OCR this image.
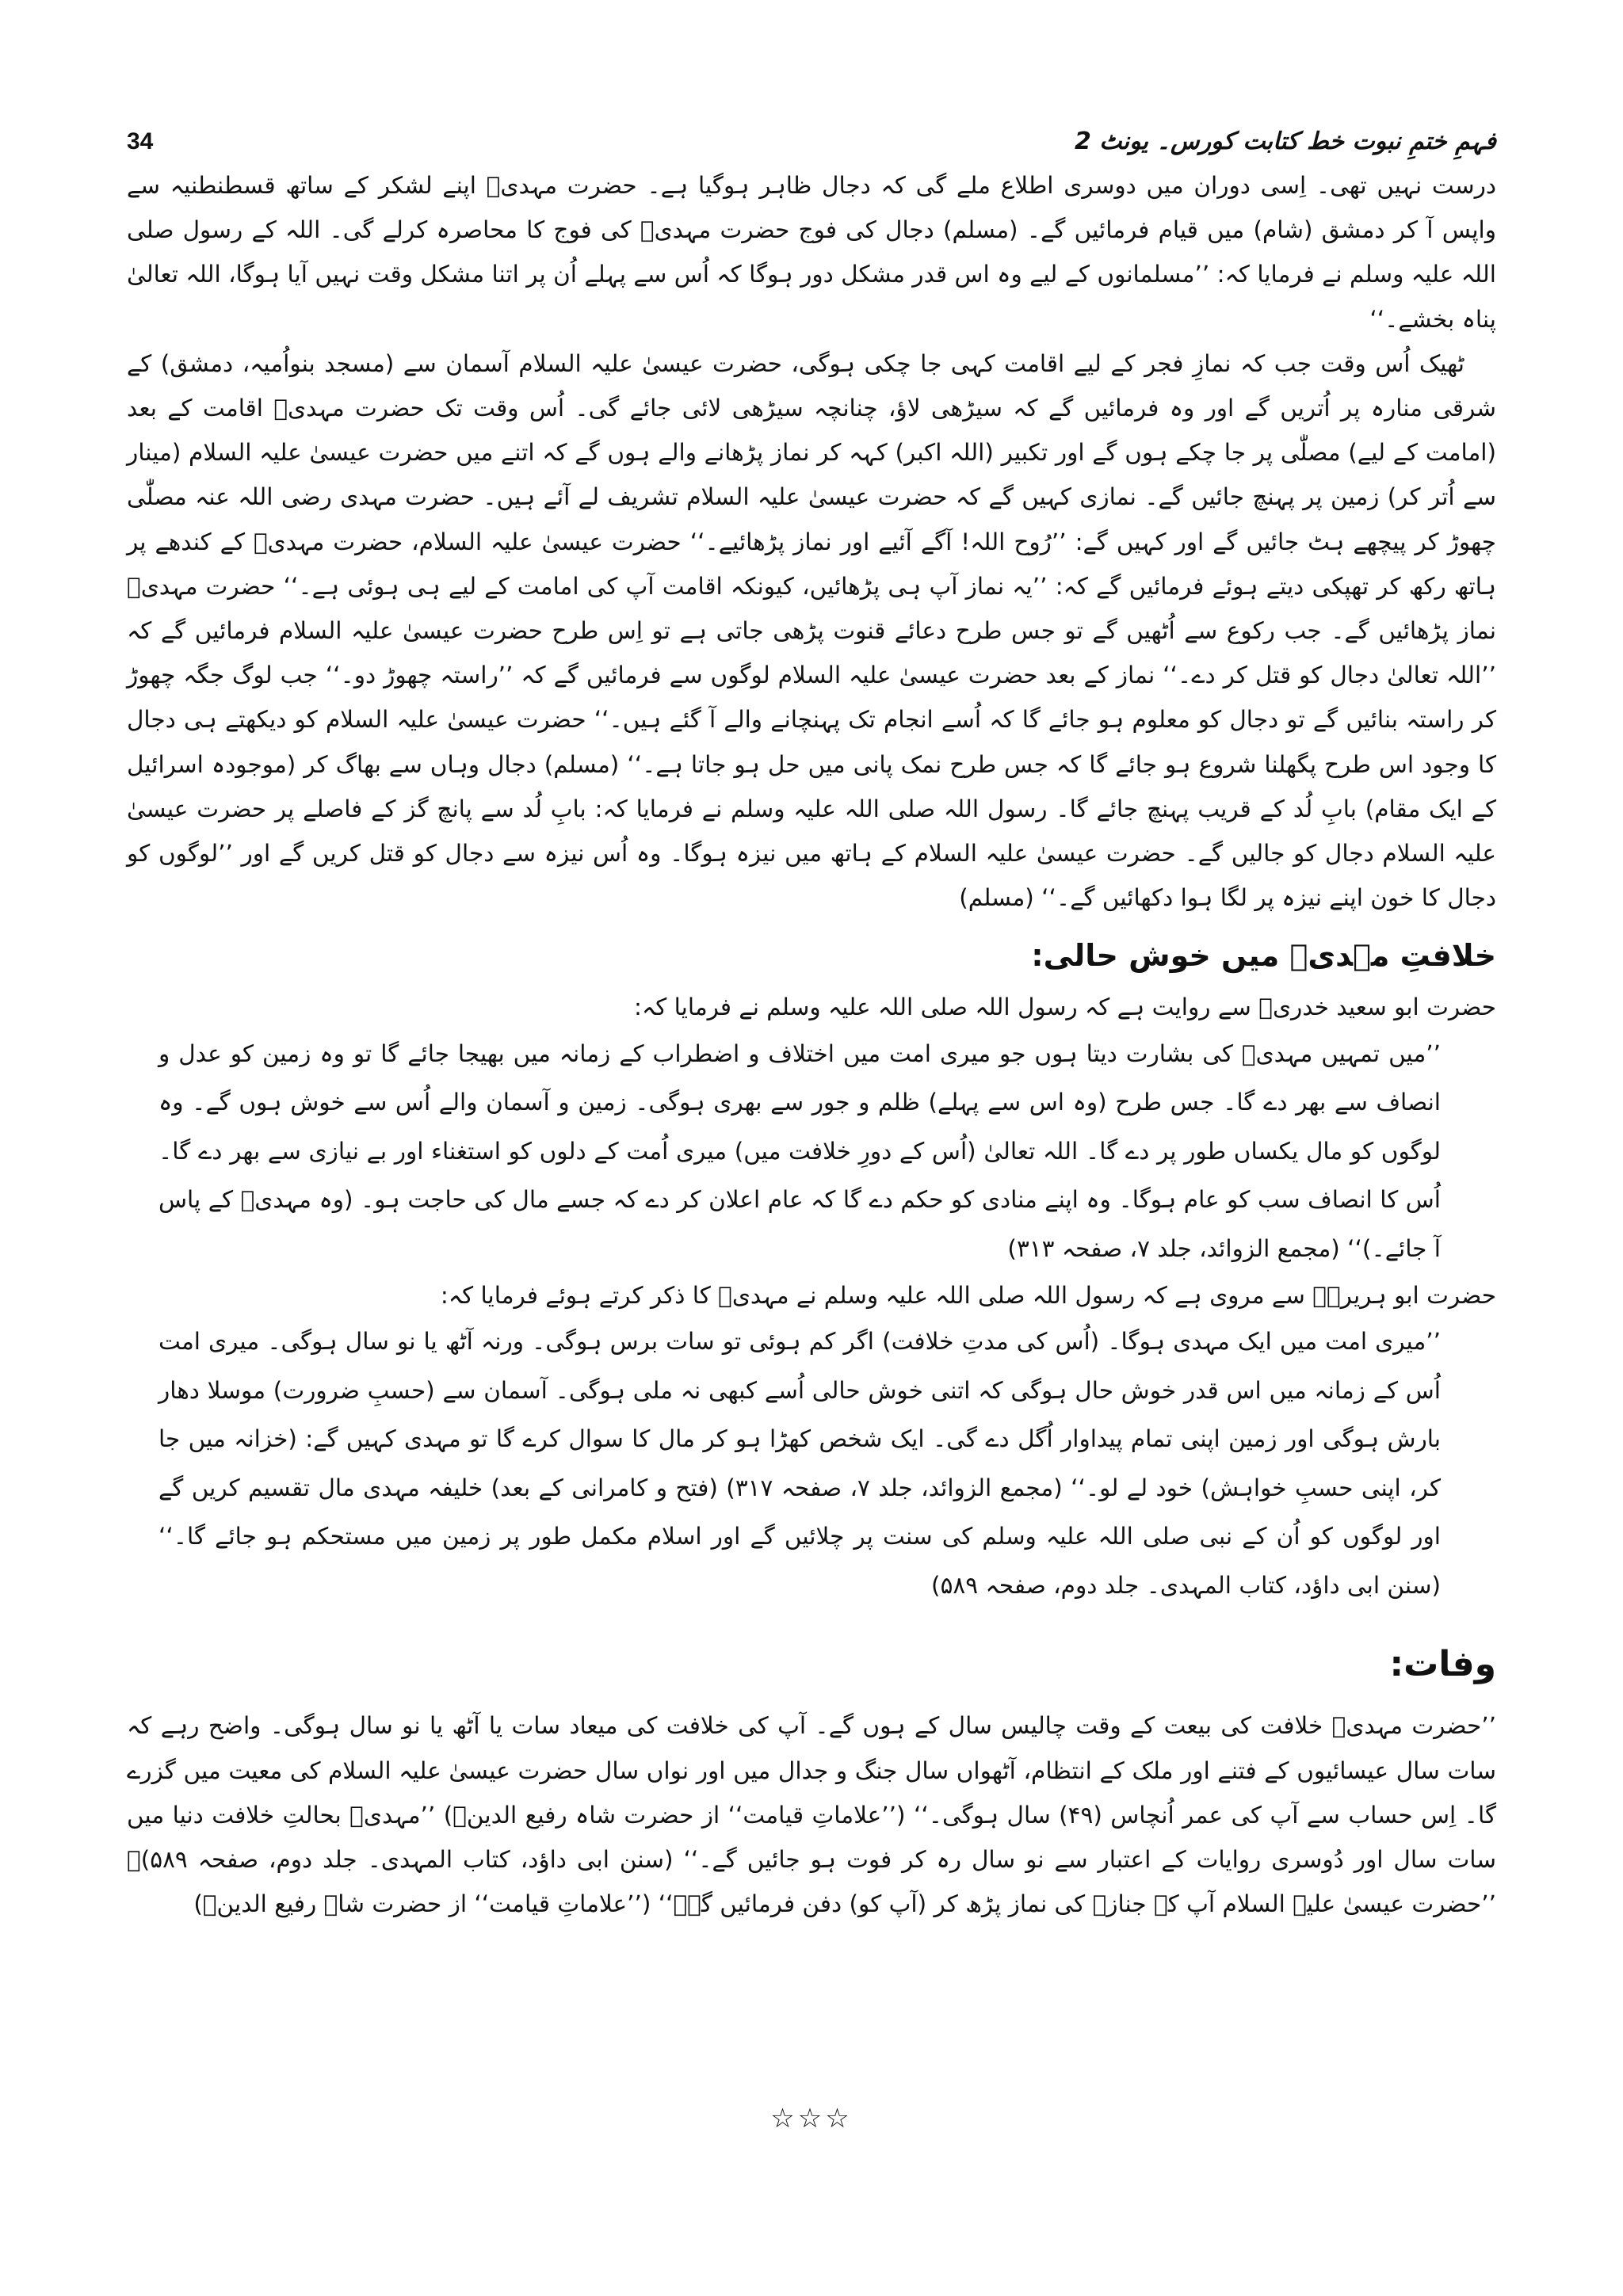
فہمِ ختمِ نبوت خط کتابت کورس۔ یونٹ 2
34

درست نہیں تھی۔ اِسی دوران میں دوسری اطلاع ملے گی کہ دجال ظاہر ہوگیا ہے۔ حضرت مہدیؓ اپنے لشکر کے ساتھ قسطنطنیہ سے واپس آ کر دمشق (شام) میں قیام فرمائیں گے۔ (مسلم) دجال کی فوج حضرت مہدیؓ کی فوج کا محاصرہ کرلے گی۔ اللہ کے رسول صلی اللہ علیہ وسلم نے فرمایا کہ: ’’مسلمانوں کے لیے وہ اس قدر مشکل دور ہوگا کہ اُس سے پہلے اُن پر اتنا مشکل وقت نہیں آیا ہوگا، اللہ تعالیٰ پناہ بخشے۔‘‘

ٹھیک اُس وقت جب کہ نمازِ فجر کے لیے اقامت کہی جا چکی ہوگی، حضرت عیسیٰ علیہ السلام آسمان سے (مسجد بنواُمیہ، دمشق) کے شرقی منارہ پر اُتریں گے اور وہ فرمائیں گے کہ سیڑھی لاؤ، چنانچہ سیڑھی لائی جائے گی۔ اُس وقت تک حضرت مہدیؓ اقامت کے بعد (امامت کے لیے) مصلّٰی پر جا چکے ہوں گے اور تکبیر (اللہ اکبر) کہہ کر نماز پڑھانے والے ہوں گے کہ اتنے میں حضرت عیسیٰ علیہ السلام (مینار سے اُتر کر) زمین پر پہنچ جائیں گے۔ نمازی کہیں گے کہ حضرت عیسیٰ علیہ السلام تشریف لے آئے ہیں۔ حضرت مہدی رضی اللہ عنہ مصلّٰی چھوڑ کر پیچھے ہٹ جائیں گے اور کہیں گے: ’’رُوح اللہ! آگے آئیے اور نماز پڑھائیے۔‘‘ حضرت عیسیٰ علیہ السلام، حضرت مہدیؓ کے کندھے پر ہاتھ رکھ کر تھپکی دیتے ہوئے فرمائیں گے کہ: ’’یہ نماز آپ ہی پڑھائیں، کیونکہ اقامت آپ کی امامت کے لیے ہی ہوئی ہے۔‘‘ حضرت مہدیؓ نماز پڑھائیں گے۔ جب رکوع سے اُٹھیں گے تو جس طرح دعائے قنوت پڑھی جاتی ہے تو اِس طرح حضرت عیسیٰ علیہ السلام فرمائیں گے کہ ’’اللہ تعالیٰ دجال کو قتل کر دے۔‘‘ نماز کے بعد حضرت عیسیٰ علیہ السلام لوگوں سے فرمائیں گے کہ ’’راستہ چھوڑ دو۔‘‘ جب لوگ جگہ چھوڑ کر راستہ بنائیں گے تو دجال کو معلوم ہو جائے گا کہ اُسے انجام تک پہنچانے والے آ گئے ہیں۔‘‘ حضرت عیسیٰ علیہ السلام کو دیکھتے ہی دجال کا وجود اس طرح پگھلنا شروع ہو جائے گا کہ جس طرح نمک پانی میں حل ہو جاتا ہے۔‘‘ (مسلم) دجال وہاں سے بھاگ کر (موجودہ اسرائیل کے ایک مقام) بابِ لُد کے قریب پہنچ جائے گا۔ رسول اللہ صلی اللہ علیہ وسلم نے فرمایا کہ: بابِ لُد سے پانچ گز کے فاصلے پر حضرت عیسیٰ علیہ السلام دجال کو جالیں گے۔ حضرت عیسیٰ علیہ السلام کے ہاتھ میں نیزہ ہوگا۔ وہ اُس نیزہ سے دجال کو قتل کریں گے اور ’’لوگوں کو دجال کا خون اپنے نیزہ پر لگا ہوا دکھائیں گے۔‘‘ (مسلم)

خلافتِ مہدیؓ میں خوش حالی:

حضرت ابو سعید خدریؓ سے روایت ہے کہ رسول اللہ صلی اللہ علیہ وسلم نے فرمایا کہ:

’’میں تمہیں مہدیؓ کی بشارت دیتا ہوں جو میری امت میں اختلاف و اضطراب کے زمانہ میں بھیجا جائے گا تو وہ زمین کو عدل و انصاف سے بھر دے گا۔ جس طرح (وہ اس سے پہلے) ظلم و جور سے بھری ہوگی۔ زمین و آسمان والے اُس سے خوش ہوں گے۔ وہ لوگوں کو مال یکساں طور پر دے گا۔ اللہ تعالیٰ (اُس کے دورِ خلافت میں) میری اُمت کے دلوں کو استغناء اور بے نیازی سے بھر دے گا۔ اُس کا انصاف سب کو عام ہوگا۔ وہ اپنے منادی کو حکم دے گا کہ عام اعلان کر دے کہ جسے مال کی حاجت ہو۔ (وہ مہدیؓ کے پاس آ جائے۔)‘‘ (مجمع الزوائد، جلد ۷، صفحہ ۳۱۳)

حضرت ابو ہریرہؓ سے مروی ہے کہ رسول اللہ صلی اللہ علیہ وسلم نے مہدیؓ کا ذکر کرتے ہوئے فرمایا کہ:

’’میری امت میں ایک مہدی ہوگا۔ (اُس کی مدتِ خلافت) اگر کم ہوئی تو سات برس ہوگی۔ ورنہ آٹھ یا نو سال ہوگی۔ میری امت اُس کے زمانہ میں اس قدر خوش حال ہوگی کہ اتنی خوش حالی اُسے کبھی نہ ملی ہوگی۔ آسمان سے (حسبِ ضرورت) موسلا دھار بارش ہوگی اور زمین اپنی تمام پیداوار اُگل دے گی۔ ایک شخص کھڑا ہو کر مال کا سوال کرے گا تو مہدی کہیں گے: (خزانہ میں جا کر، اپنی حسبِ خواہش) خود لے لو۔‘‘ (مجمع الزوائد، جلد ۷، صفحہ ۳۱۷) (فتح و کامرانی کے بعد) خلیفہ مہدی مال تقسیم کریں گے اور لوگوں کو اُن کے نبی صلی اللہ علیہ وسلم کی سنت پر چلائیں گے اور اسلام مکمل طور پر زمین میں مستحکم ہو جائے گا۔‘‘ (سنن ابی داؤد، کتاب المہدی۔ جلد دوم، صفحہ ۵۸۹)

وفات:

’’حضرت مہدیؓ خلافت کی بیعت کے وقت چالیس سال کے ہوں گے۔ آپ کی خلافت کی میعاد سات یا آٹھ یا نو سال ہوگی۔ واضح رہے کہ سات سال عیسائیوں کے فتنے اور ملک کے انتظام، آٹھواں سال جنگ و جدال میں اور نواں سال حضرت عیسیٰ علیہ السلام کی معیت میں گزرے گا۔ اِس حساب سے آپ کی عمر اُنچاس (۴۹) سال ہوگی۔‘‘ (’’علاماتِ قیامت‘‘ از حضرت شاہ رفیع الدینؒ) ’’مہدیؓ بحالتِ خلافت دنیا میں سات سال اور دُوسری روایات کے اعتبار سے نو سال رہ کر فوت ہو جائیں گے۔‘‘ (سنن ابی داؤد، کتاب المہدی۔ جلد دوم، صفحہ ۵۸۹)۔ ’’حضرت عیسیٰ علیہ السلام آپ کے جنازہ کی نماز پڑھ کر (آپ کو) دفن فرمائیں گے۔‘‘ (’’علاماتِ قیامت‘‘ از حضرت شاہ رفیع الدینؒ)

☆☆☆
